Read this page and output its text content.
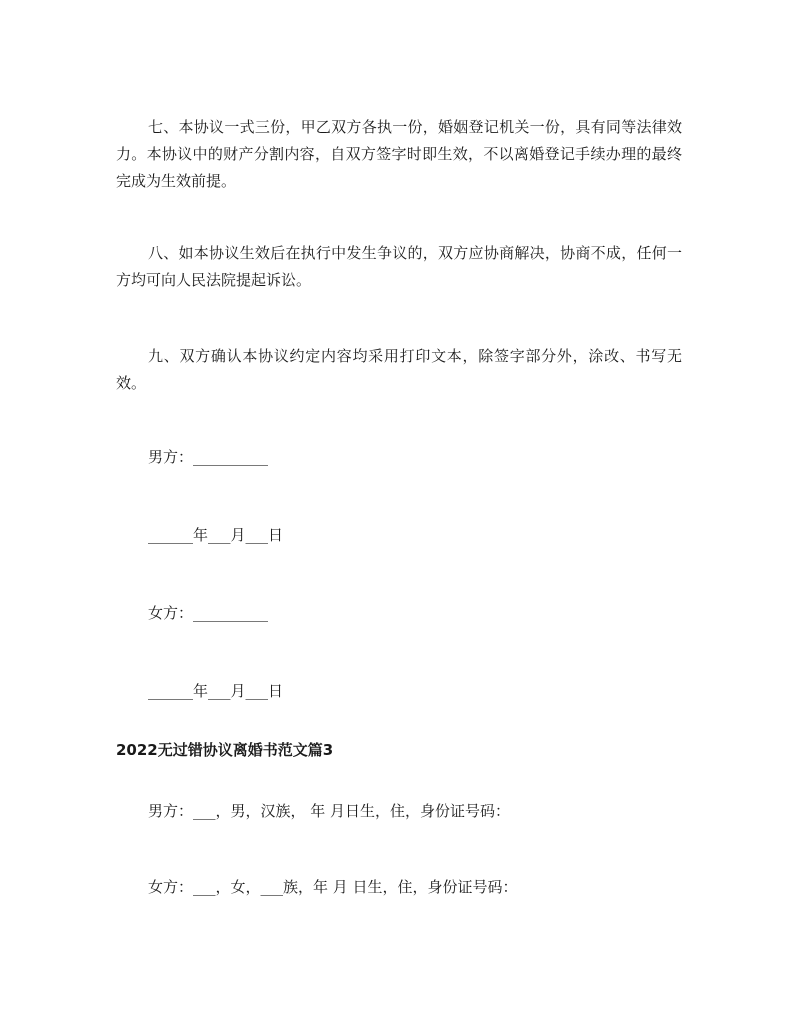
七、本协议一式三份，甲乙双方各执一份，婚姻登记机关一份，具有同等法律效力。本协议中的财产分割内容，自双方签字时即生效，不以离婚登记手续办理的最终完成为生效前提。

八、如本协议生效后在执行中发生争议的，双方应协商解决，协商不成，任何一方均可向人民法院提起诉讼。

九、双方确认本协议约定内容均采用打印文本，除签字部分外，涂改、书写无效。

男方：__________

______年___月___日

女方：__________

______年___月___日

2022无过错协议离婚书范文篇3

男方：___，男，汉族， 年 月日生，住，身份证号码：

女方：___，女，___族，年 月 日生，住，身份证号码：
